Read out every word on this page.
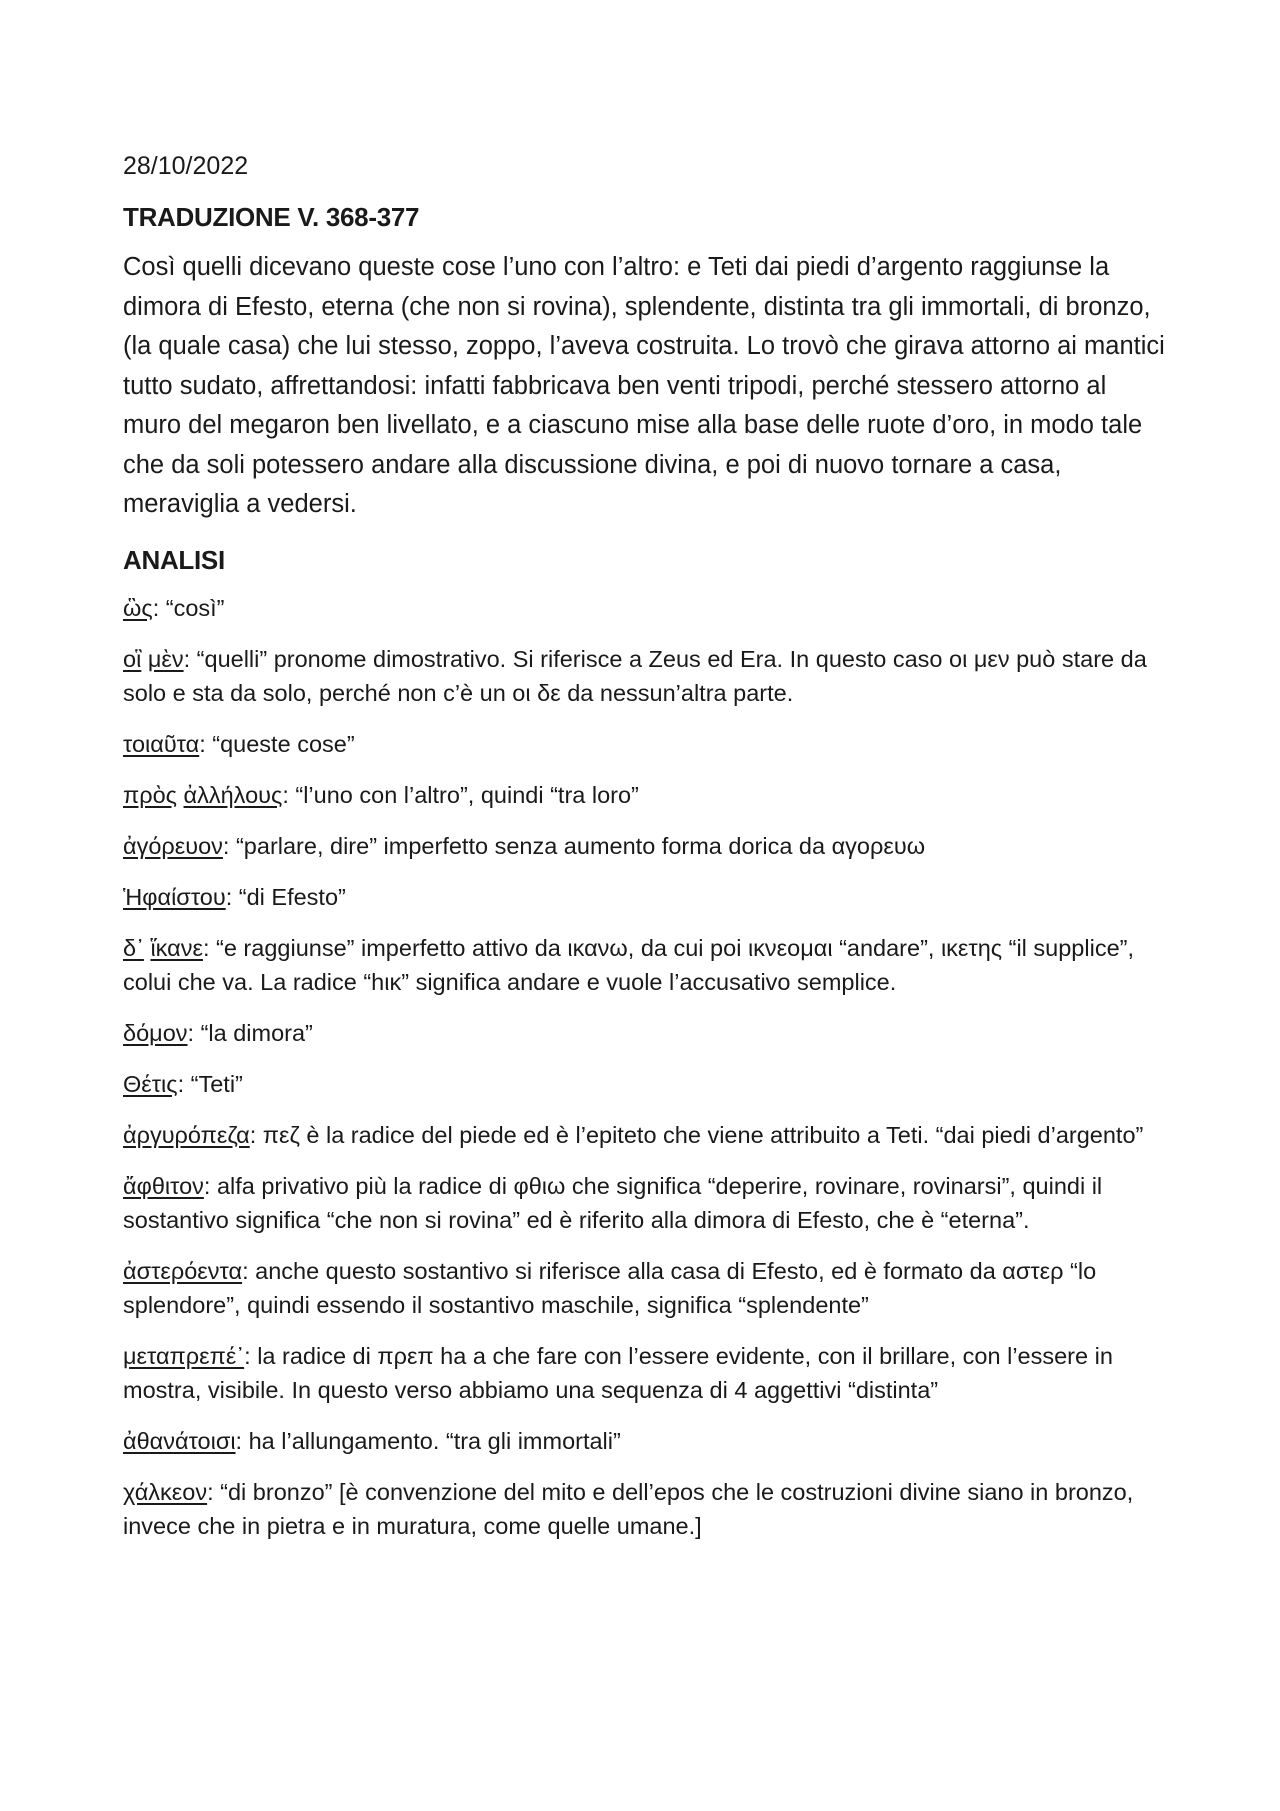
28/10/2022
TRADUZIONE V. 368-377
Così quelli dicevano queste cose l’uno con l’altro: e Teti dai piedi d’argento raggiunse la dimora di Efesto, eterna (che non si rovina), splendente, distinta tra gli immortali, di bronzo, (la quale casa) che lui stesso, zoppo, l’aveva costruita. Lo trovò che girava attorno ai mantici tutto sudato, affrettandosi: infatti fabbricava ben venti tripodi, perché stessero attorno al muro del megaron ben livellato, e a ciascuno mise alla base delle ruote d’oro, in modo tale che da soli potessero andare alla discussione divina, e poi di nuovo tornare a casa, meraviglia a vedersi.
ANALISI
ὣς: “così”
οἳ μὲν: “quelli” pronome dimostrativo. Si riferisce a Zeus ed Era. In questo caso οι μεν può stare da solo e sta da solo, perché non c’è un οι δε da nessun’altra parte.
τοιαῦτα: “queste cose”
πρὸς ἀλλήλους: “l’uno con l’altro”, quindi “tra loro”
ἀγόρευον: “parlare, dire” imperfetto senza aumento forma dorica da αγορευω
Ἡφαίστου: “di Efesto”
δ᾽ ἵκανε: “e raggiunse” imperfetto attivo da ικανω, da cui poi ικνεομαι “andare”, ικετης “il supplice”, colui che va. La radice “hικ” significa andare e vuole l’accusativo semplice.
δόμον: “la dimora”
Θέτις: “Teti”
ἀργυρόπεζα: πεζ è la radice del piede ed è l’epiteto che viene attribuito a Teti. “dai piedi d’argento”
ἄφθιτον: alfa privativo più la radice di φθιω che significa “deperire, rovinare, rovinarsi”, quindi il sostantivo significa “che non si rovina” ed è riferito alla dimora di Efesto, che è “eterna”.
ἀστερόεντα: anche questo sostantivo si riferisce alla casa di Efesto, ed è formato da αστερ “lo splendore”, quindi essendo il sostantivo maschile, significa “splendente”
μεταπρεπέ᾽: la radice di πρεπ ha a che fare con l’essere evidente, con il brillare, con l’essere in mostra, visibile. In questo verso abbiamo una sequenza di 4 aggettivi “distinta”
ἀθανάτοισι: ha l’allungamento. “tra gli immortali”
χάλκεον: “di bronzo” [è convenzione del mito e dell’epos che le costruzioni divine siano in bronzo, invece che in pietra e in muratura, come quelle umane.]
